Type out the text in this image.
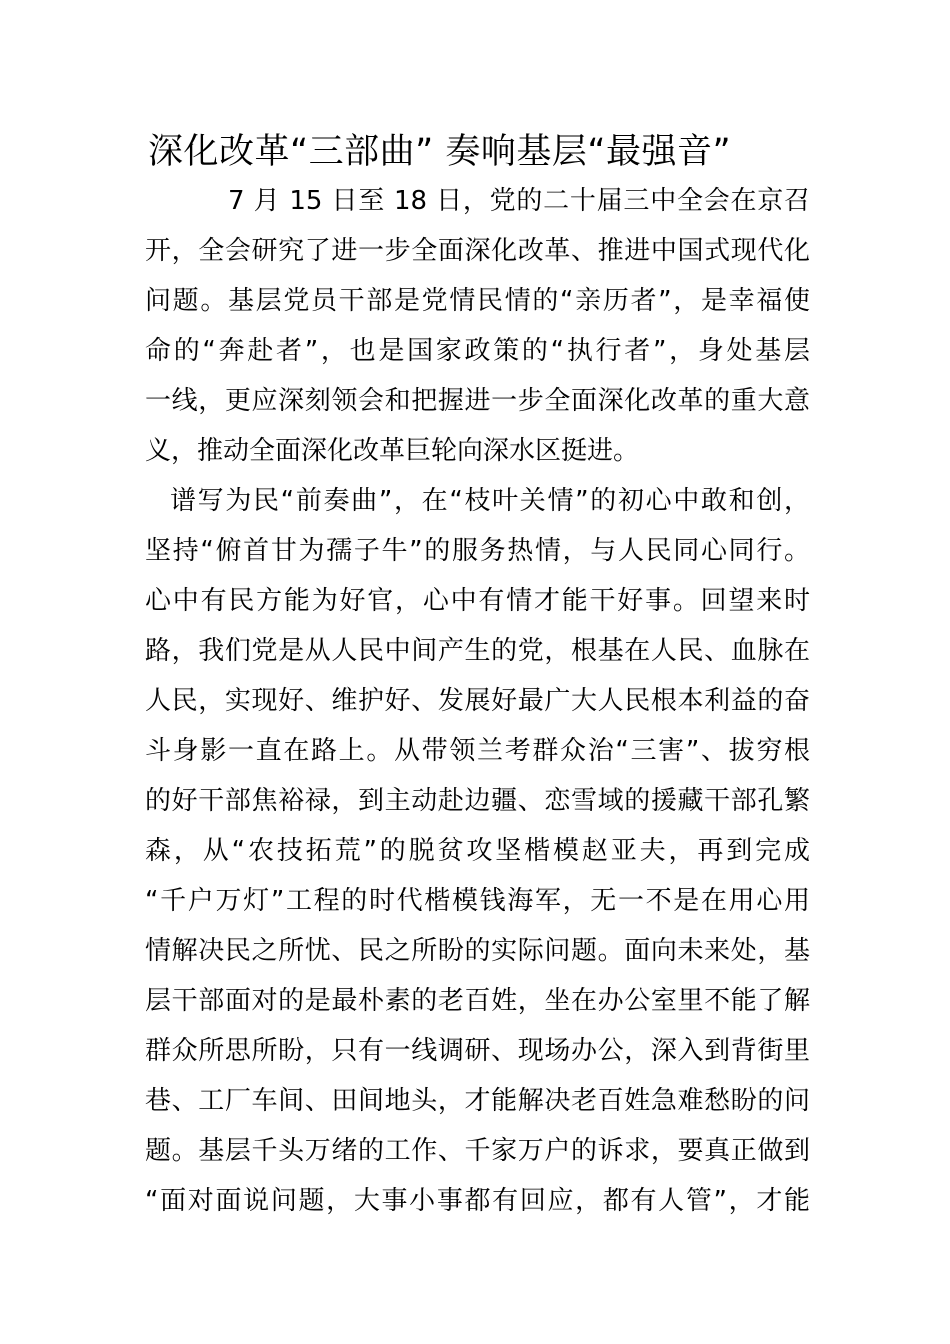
深化改革“三部曲” 奏响基层“最强音”
7 月 15 日至 18 日，党的二十届三中全会在京召
开，全会研究了进一步全面深化改革、推进中国式现代化
问题。基层党员干部是党情民情的“亲历者”，是幸福使
命的“奔赴者”，也是国家政策的“执行者”，身处基层
一线，更应深刻领会和把握进一步全面深化改革的重大意
义，推动全面深化改革巨轮向深水区挺进。
谱写为民“前奏曲”，在“枝叶关情”的初心中敢和创，
坚持“俯首甘为孺子牛”的服务热情，与人民同心同行。
心中有民方能为好官，心中有情才能干好事。回望来时
路，我们党是从人民中间产生的党，根基在人民、血脉在
人民，实现好、维护好、发展好最广大人民根本利益的奋
斗身影一直在路上。从带领兰考群众治“三害”、拔穷根
的好干部焦裕禄，到主动赴边疆、恋雪域的援藏干部孔繁
森，从“农技拓荒”的脱贫攻坚楷模赵亚夫，再到完成
“千户万灯”工程的时代楷模钱海军，无一不是在用心用
情解决民之所忧、民之所盼的实际问题。面向未来处，基
层干部面对的是最朴素的老百姓，坐在办公室里不能了解
群众所思所盼，只有一线调研、现场办公，深入到背街里
巷、工厂车间、田间地头，才能解决老百姓急难愁盼的问
题。基层千头万绪的工作、千家万户的诉求，要真正做到
“面对面说问题，大事小事都有回应，都有人管”，才能
